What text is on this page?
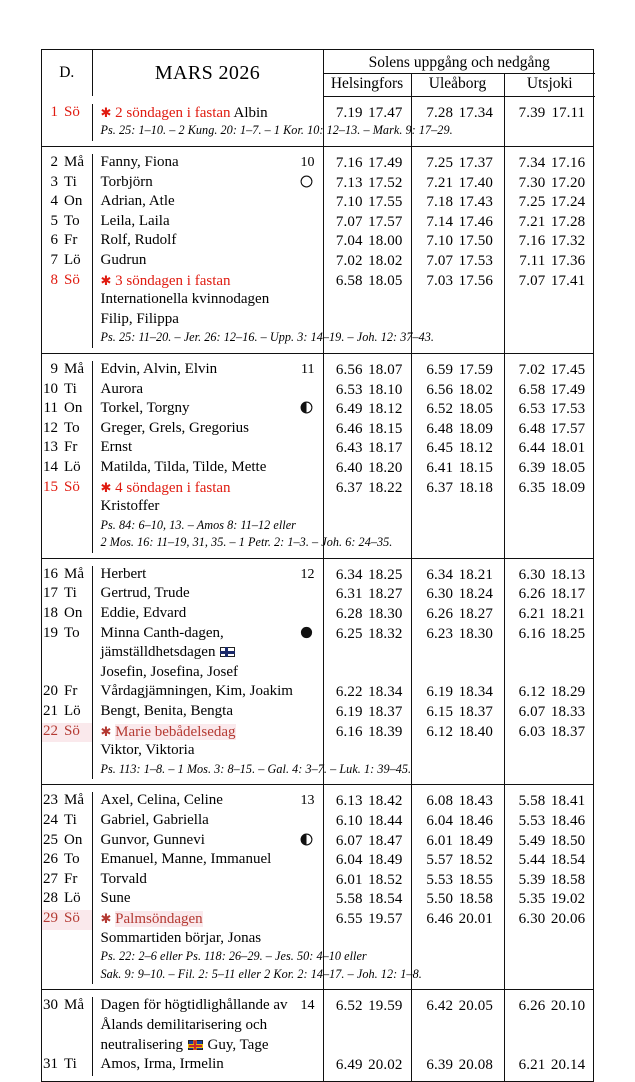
D.	MARS 2026	Solens uppgång och nedgång		
		Helsingfors	Uleåborg	Utsjoki

1 Sö	✱ 2 söndagen i fastan Albin	7.19 17.47	7.28 17.34	7.39 17.11
	Ps. 25: 1–10. – 2 Kung. 20: 1–7. – 1 Kor. 10: 12–13. – Mark. 9: 17–29.			

2 Må	Fanny, Fiona 10	7.16 17.49	7.25 17.37	7.34 17.16
3 Ti	Torbjörn	7.13 17.52	7.21 17.40	7.30 17.20
4 On	Adrian, Atle	7.10 17.55	7.18 17.43	7.25 17.24
5 To	Leila, Laila	7.07 17.57	7.14 17.46	7.21 17.28
6 Fr	Rolf, Rudolf	7.04 18.00	7.10 17.50	7.16 17.32
7 Lö	Gudrun	7.02 18.02	7.07 17.53	7.11 17.36
8 Sö	✱ 3 söndagen i fastan	6.58 18.05	7.03 17.56	7.07 17.41
	Internationella kvinnodagen			
	Filip, Filippa			
	Ps. 25: 11–20. – Jer. 26: 12–16. – Upp. 3: 14–19. – Joh. 12: 37–43.			

9 Må	Edvin, Alvin, Elvin 11	6.56 18.07	6.59 17.59	7.02 17.45
10 Ti	Aurora	6.53 18.10	6.56 18.02	6.58 17.49
11 On	Torkel, Torgny	6.49 18.12	6.52 18.05	6.53 17.53
12 To	Greger, Grels, Gregorius	6.46 18.15	6.48 18.09	6.48 17.57
13 Fr	Ernst	6.43 18.17	6.45 18.12	6.44 18.01
14 Lö	Matilda, Tilda, Tilde, Mette	6.40 18.20	6.41 18.15	6.39 18.05
15 Sö	✱ 4 söndagen i fastan	6.37 18.22	6.37 18.18	6.35 18.09
	Kristoffer			
	Ps. 84: 6–10, 13. – Amos 8: 11–12 eller			
	2 Mos. 16: 11–19, 31, 35. – 1 Petr. 2: 1–3. – Joh. 6: 24–35.			

16 Må	Herbert 12	6.34 18.25	6.34 18.21	6.30 18.13
17 Ti	Gertrud, Trude	6.31 18.27	6.30 18.24	6.26 18.17
18 On	Eddie, Edvard	6.28 18.30	6.26 18.27	6.21 18.21
19 To	Minna Canth-dagen,	6.25 18.32	6.23 18.30	6.16 18.25
	jämställdhetsdagen			
	Josefin, Josefina, Josef			
20 Fr	Vårdagjämningen, Kim, Joakim	6.22 18.34	6.19 18.34	6.12 18.29
21 Lö	Bengt, Benita, Bengta	6.19 18.37	6.15 18.37	6.07 18.33
22 Sö	✱ Marie bebådelsedag	6.16 18.39	6.12 18.40	6.03 18.37
	Viktor, Viktoria			
	Ps. 113: 1–8. – 1 Mos. 3: 8–15. – Gal. 4: 3–7. – Luk. 1: 39–45.			

23 Må	Axel, Celina, Celine 13	6.13 18.42	6.08 18.43	5.58 18.41
24 Ti	Gabriel, Gabriella	6.10 18.44	6.04 18.46	5.53 18.46
25 On	Gunvor, Gunnevi	6.07 18.47	6.01 18.49	5.49 18.50
26 To	Emanuel, Manne, Immanuel	6.04 18.49	5.57 18.52	5.44 18.54
27 Fr	Torvald	6.01 18.52	5.53 18.55	5.39 18.58
28 Lö	Sune	5.58 18.54	5.50 18.58	5.35 19.02
29 Sö	✱ Palmsöndagen	6.55 19.57	6.46 20.01	6.30 20.06
	Sommartiden börjar, Jonas			
	Ps. 22: 2–6 eller Ps. 118: 26–29. – Jes. 50: 4–10 eller			
	Sak. 9: 9–10. – Fil. 2: 5–11 eller 2 Kor. 2: 14–17. – Joh. 12: 1–8.			

30 Må	Dagen för högtidlighållande av 14	6.52 19.59	6.42 20.05	6.26 20.10
	Ålands demilitarisering och			
	neutralisering
Guy, Tage			
31 Ti	Amos, Irma, Irmelin	6.49 20.02	6.39 20.08	6.21 20.14
